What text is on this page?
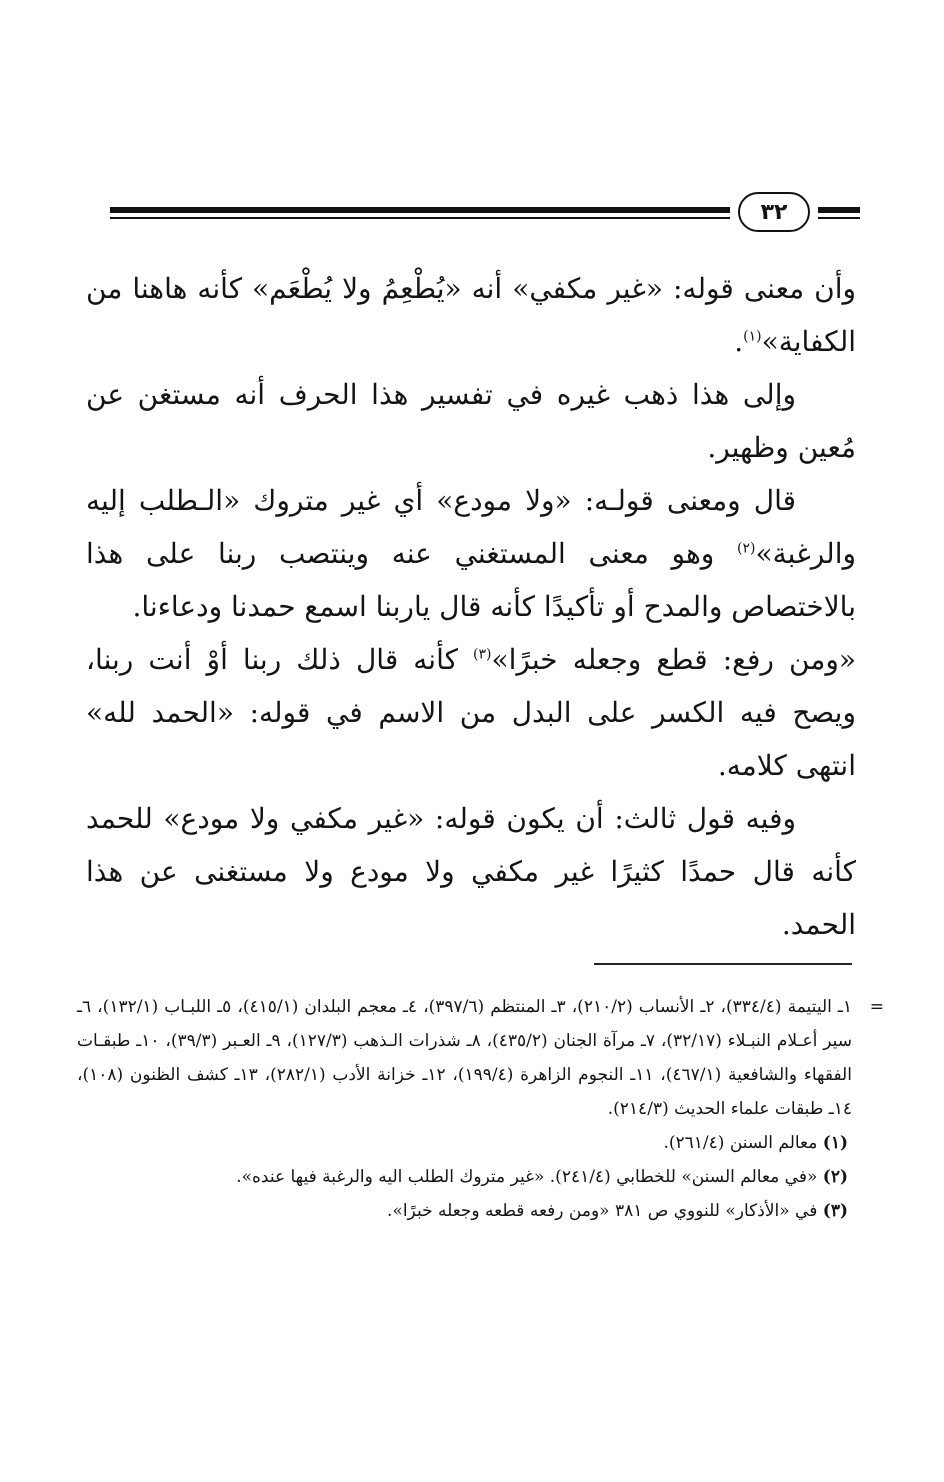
٣٢

وأن معنى قوله: «غير مكفي» أنه «يُطْعِمُ ولا يُطْعَم» كأنه هاهنا من الكفاية»$^{(١)}$.

وإلى هذا ذهب غيره في تفسير هذا الحرف أنه مستغن عن مُعين وظهير.

قال ومعنى قولـه: «ولا مودع» أي غير متروك «الـطلب إليه والرغبة»$^{(٢)}$ وهو معنى المستغني عنه وينتصب ربنا على هذا بالاختصاص والمدح أو تأكيدًا كأنه قال ياربنا اسمع حمدنا ودعاءنا.

«ومن رفع: قطع وجعله خبرًا»$^{(٣)}$ كأنه قال ذلك ربنا أوْ أنت ربنا، ويصح فيه الكسر على البدل من الاسم في قوله: «الحمد لله» انتهى كلامه.

وفيه قول ثالث: أن يكون قوله: «غير مكفي ولا مودع» للحمد كأنه قال حمدًا كثيرًا غير مكفي ولا مودع ولا مستغنى عن هذا الحمد.

=
١ـ اليتيمة (٣٣٤/٤)، ٢ـ الأنساب (٢١٠/٢)، ٣ـ المنتظم (٣٩٧/٦)، ٤ـ معجم البلدان (٤١٥/١)، ٥ـ اللبـاب (١٣٢/١)، ٦ـ سير أعـلام النبـلاء (٣٢/١٧)، ٧ـ مرآة الجنان (٤٣٥/٢)، ٨ـ شذرات الـذهب (١٢٧/٣)، ٩ـ العـبر (٣٩/٣)، ١٠ـ طبقـات الفقهاء والشافعية (٤٦٧/١)، ١١ـ النجوم الزاهرة (١٩٩/٤)، ١٢ـ خزانة الأدب (٢٨٢/١)، ١٣ـ كشف الظنون (١٠٨)، ١٤ـ طبقات علماء الحديث (٢١٤/٣).

(١) معالم السنن (٢٦١/٤).

(٢) «في معالم السنن» للخطابي (٢٤١/٤). «غير متروك الطلب اليه والرغبة فيها عنده».

(٣) في «الأذكار» للنووي ص ٣٨١ «ومن رفعه قطعه وجعله خبرًا».
